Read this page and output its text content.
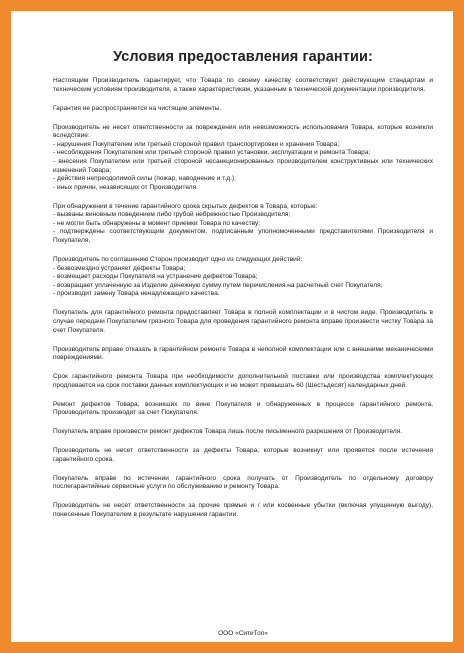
Условия предоставления гарантии:
Настоящим Производитель гарантирует, что Товара по своему качеству соответствует действующим стандартам и техническим условиям производителя, а также характеристикам, указанным в технической документации производителя.
Гарантия не распространяется на чистящие элементы.
Производитель не несет ответственности за повреждения или невозможность использования Товара, которые возникли вследствие:
- нарушения Покупателем или третьей стороной правил транспортировки и хранения Товара;
- несоблюдения Покупателем или третьей стороной правил установки, эксплуатации и ремонта Товара;
- внесения Покупателем или третьей стороной несанкционированных производителем конструктивных или технических изменений Товара;
- действия непреодолимой силы (пожар, наводнение и т.д.);
- иных причин, независящих от Производителя.
При обнаружении в течение гарантийного срока скрытых дефектов в Товара, которые:
- вызваны виновным поведением либо грубой небрежностью Производителя;
- не могли быть обнаружены в момент приемки Товара по качеству;
- подтверждены соответствующим документом, подписанным уполномоченными представителями Производителя и Покупателя,
Производитель по соглашению Сторон производит одно из следующих действий:
- безвозмездно устраняет дефекты Товара;
- возмещает расходы Покупателя на устранение дефектов Товара;
- возвращает уплаченную за Изделие денежную сумму путем перечисления на расчетный счет Покупателя;
- производит замену Товара ненадлежащего качества.
Покупатель для гарантийного ремонта предоставляет Товара в полной комплектации и в чистом виде. Производитель в случае передачи Покупателем грязного Товара для проведения гарантийного ремонта вправе произвести чистку Товара за счет Покупателя.
Производитель вправе отказать в гарантийном ремонте Товара в неполной комплектации или с внешними механическими повреждениями.
Срок гарантийного ремонта Товара при необходимости дополнительной поставки или производства комплектующих продлевается на срок поставки данных комплектующих и не может превышать 60 (Шестьдесят) календарных дней.
Ремонт дефектов Товара, возникших по вине Покупателя и обнаруженных в процессе гарантийного ремонта, Производитель производит за счет Покупателя.
Покупатель вправе произвести ремонт дефектов Товара лишь после письменного разрешения от Производителя.
Производитель не несет ответственности за дефекты Товара, которые возникнут или проявятся после истечения гарантийного срока.
Покупатель вправе по истечении гарантийного срока получать от Производитель по отдельному договору послегарантийные сервисные услуги по обслуживанию и ремонту Товара.
Производитель не несет ответственности за прочие прямые и / или косвенные убытки (включая упущенную выгоду), понесенные Покупателем в результате нарушения гарантии.
ООО «СитиТоп»
